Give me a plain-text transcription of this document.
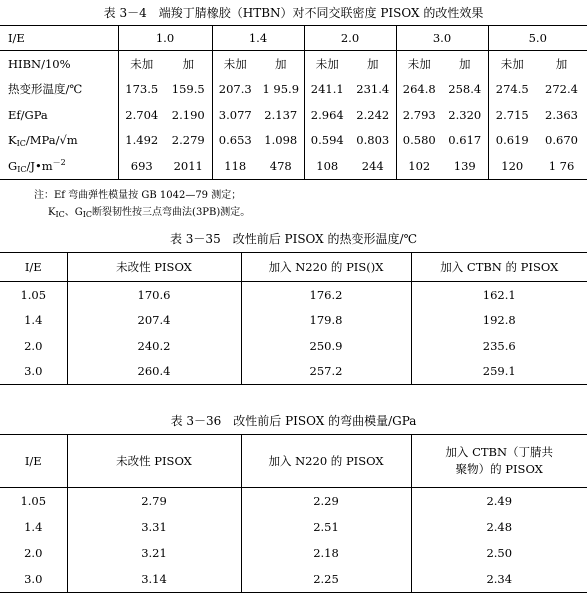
表 3－4　端羧丁腈橡胶（HTBN）对不同交联密度 PISOX 的改性效果
I/E	1.0		1.4		2.0		3.0		5.0	
HIBN/10%	未加	加	未加	加	未加	加	未加	加	未加	加
热变形温度/℃	173.5	159.5	207.3	1 95.9	241.1	231.4	264.8	258.4	274.5	272.4
Ef/GPa	2.704	2.190	3.077	2.137	2.964	2.242	2.793	2.320	2.715	2.363
$K_{IC}/MPa/√m$	1.492	2.279	0.653	1.098	0.594	0.803	0.580	0.617	0.619	0.670
$G_{IC}/J•m^{-2}$	693	2011	118	478	108	244	102	139	120	1 76
注：Ef 弯曲弹性模量按 GB 1042—79 测定；
$K_{IC}$、$G_{IC}$断裂韧性按三点弯曲法(3PB)测定。
表 3－35　改性前后 PISOX 的热变形温度/℃
I/E	未改性 PISOX	加入 N220 的 PIS()X	加入 CTBN 的 PISOX
1.05	170.6	176.2	162.1
1.4	207.4	179.8	192.8
2.0	240.2	250.9	235.6
3.0	260.4	257.2	259.1
表 3－36　改性前后 PISOX 的弯曲模量/GPa
I/E	未改性 PISOX	加入 N220 的 PISOX	加入 CTBN（丁腈共聚物）的 PISOX

1.05	2.79	2.29	2.49
1.4	3.31	2.51	2.48
2.0	3.21	2.18	2.50
3.0	3.14	2.25	2.34
